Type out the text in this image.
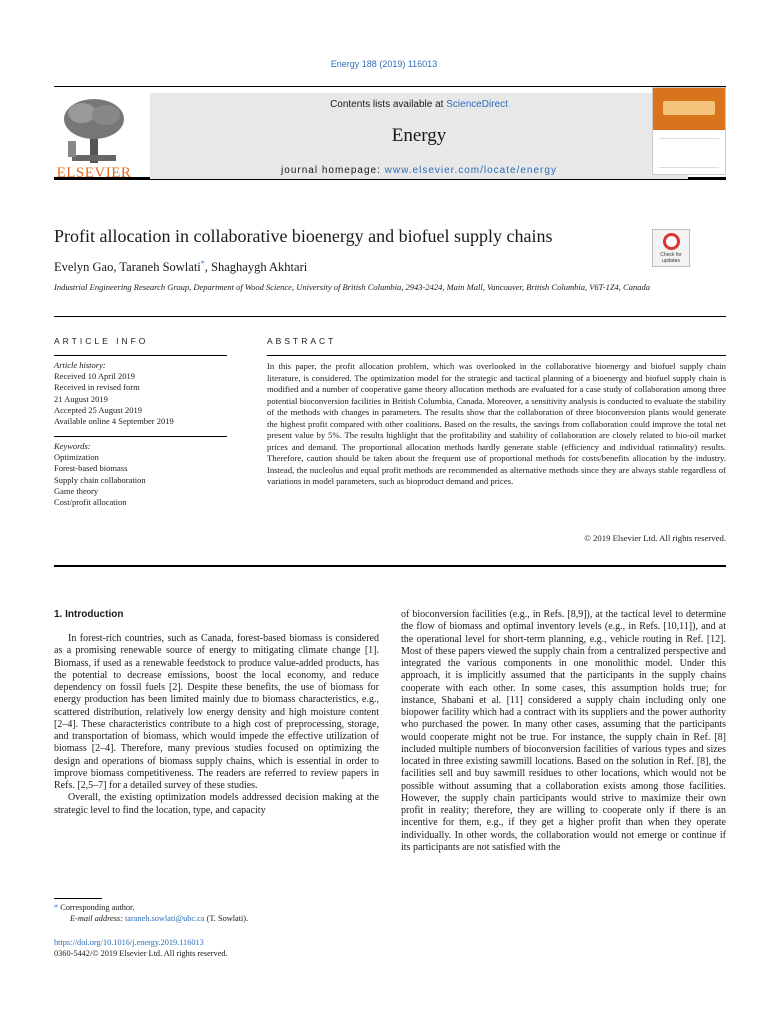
Energy 188 (2019) 116013
ELSEVIER
Contents lists available at ScienceDirect
Energy
journal homepage: www.elsevier.com/locate/energy
Profit allocation in collaborative bioenergy and biofuel supply chains
Check for updates
Evelyn Gao, Taraneh Sowlati*, Shaghaygh Akhtari
Industrial Engineering Research Group, Department of Wood Science, University of British Columbia, 2943-2424, Main Mall, Vancouver, British Columbia, V6T-1Z4, Canada
ARTICLE INFO	ABSTRACT
Article history:
Received 10 April 2019
Received in revised form
21 August 2019
Accepted 25 August 2019
Available online 4 September 2019
Keywords:
Optimization
Forest-based biomass
Supply chain collaboration
Game theory
Cost/profit allocation
In this paper, the profit allocation problem, which was overlooked in the collaborative bioenergy and biofuel supply chain literature, is considered. The optimization model for the strategic and tactical planning of a bioenergy and biofuel supply chain is modified and a number of cooperative game theory allocation methods are evaluated for a case study of collaboration among three potential bioconversion facilities in British Columbia, Canada. Moreover, a sensitivity analysis is conducted to evaluate the stability of the methods with changes in parameters. The results show that the collaboration of three bioconversion plants would generate the highest profit compared with other coalitions. Based on the results, the savings from collaboration could improve the total net present value by 5%. The results highlight that the profitability and stability of collaboration are closely related to bio-oil market prices and demand. The proportional allocation methods hardly generate stable (efficiency and individual rationality) results. Therefore, caution should be taken about the frequent use of proportional methods for costs/benefits allocation by the industry. Instead, the nucleolus and equal profit methods are recommended as alternative methods since they are always stable regardless of variations in model parameters, such as bioproduct demand and prices.
© 2019 Elsevier Ltd. All rights reserved.
1. Introduction

In forest-rich countries, such as Canada, forest-based biomass is considered as a promising renewable source of energy to mitigating climate change [1]. Biomass, if used as a renewable feedstock to produce value-added products, has the potential to decrease emissions, boost the local economy, and reduce dependency on fossil fuels [2]. Despite these benefits, the use of biomass for energy production has been limited mainly due to biomass characteristics, e.g., scattered distribution, relatively low energy density and high moisture content [2–4]. These characteristics contribute to a high cost of preprocessing, storage, and transportation of biomass, which would impede the effective utilization of biomass [2–4]. Therefore, many previous studies focused on optimizing the design and operations of biomass supply chains, which is essential in order to improve biomass competitiveness. The readers are referred to review papers in Refs. [2,5–7] for a detailed survey of these studies.

Overall, the existing optimization models addressed decision making at the strategic level to find the location, type, and capacity

of bioconversion facilities (e.g., in Refs. [8,9]), at the tactical level to determine the flow of biomass and optimal inventory levels (e.g., in Refs. [10,11]), and at the operational level for short-term planning, e.g., vehicle routing in Ref. [12]. Most of these papers viewed the supply chain from a centralized perspective and integrated the various components in one monolithic model. Under this approach, it is implicitly assumed that the participants in the supply chains cooperate with each other. In some cases, this assumption holds true; for instance, Shabani et al. [11] considered a supply chain including only one biopower facility which had a contract with its suppliers and the power authority who purchased the power. In many other cases, assuming that the participants would cooperate might not be true. For instance, the supply chain in Ref. [8] included multiple numbers of bioconversion facilities of various types and sizes located in three existing sawmill locations. Based on the solution in Ref. [8], the facilities sell and buy sawmill residues to other locations, which would not be possible without assuming that a collaboration exists among those facilities. However, the supply chain participants would strive to maximize their own profit in reality; therefore, they are willing to cooperate only if there is an incentive for them, e.g., if they get a higher profit than when they operate individually. In other words, the collaboration would not emerge or continue if its participants are not satisfied with the

* Corresponding author.
E-mail address: taraneh.sowlati@ubc.ca (T. Sowlati).
https://doi.org/10.1016/j.energy.2019.116013
0360-5442/© 2019 Elsevier Ltd. All rights reserved.
